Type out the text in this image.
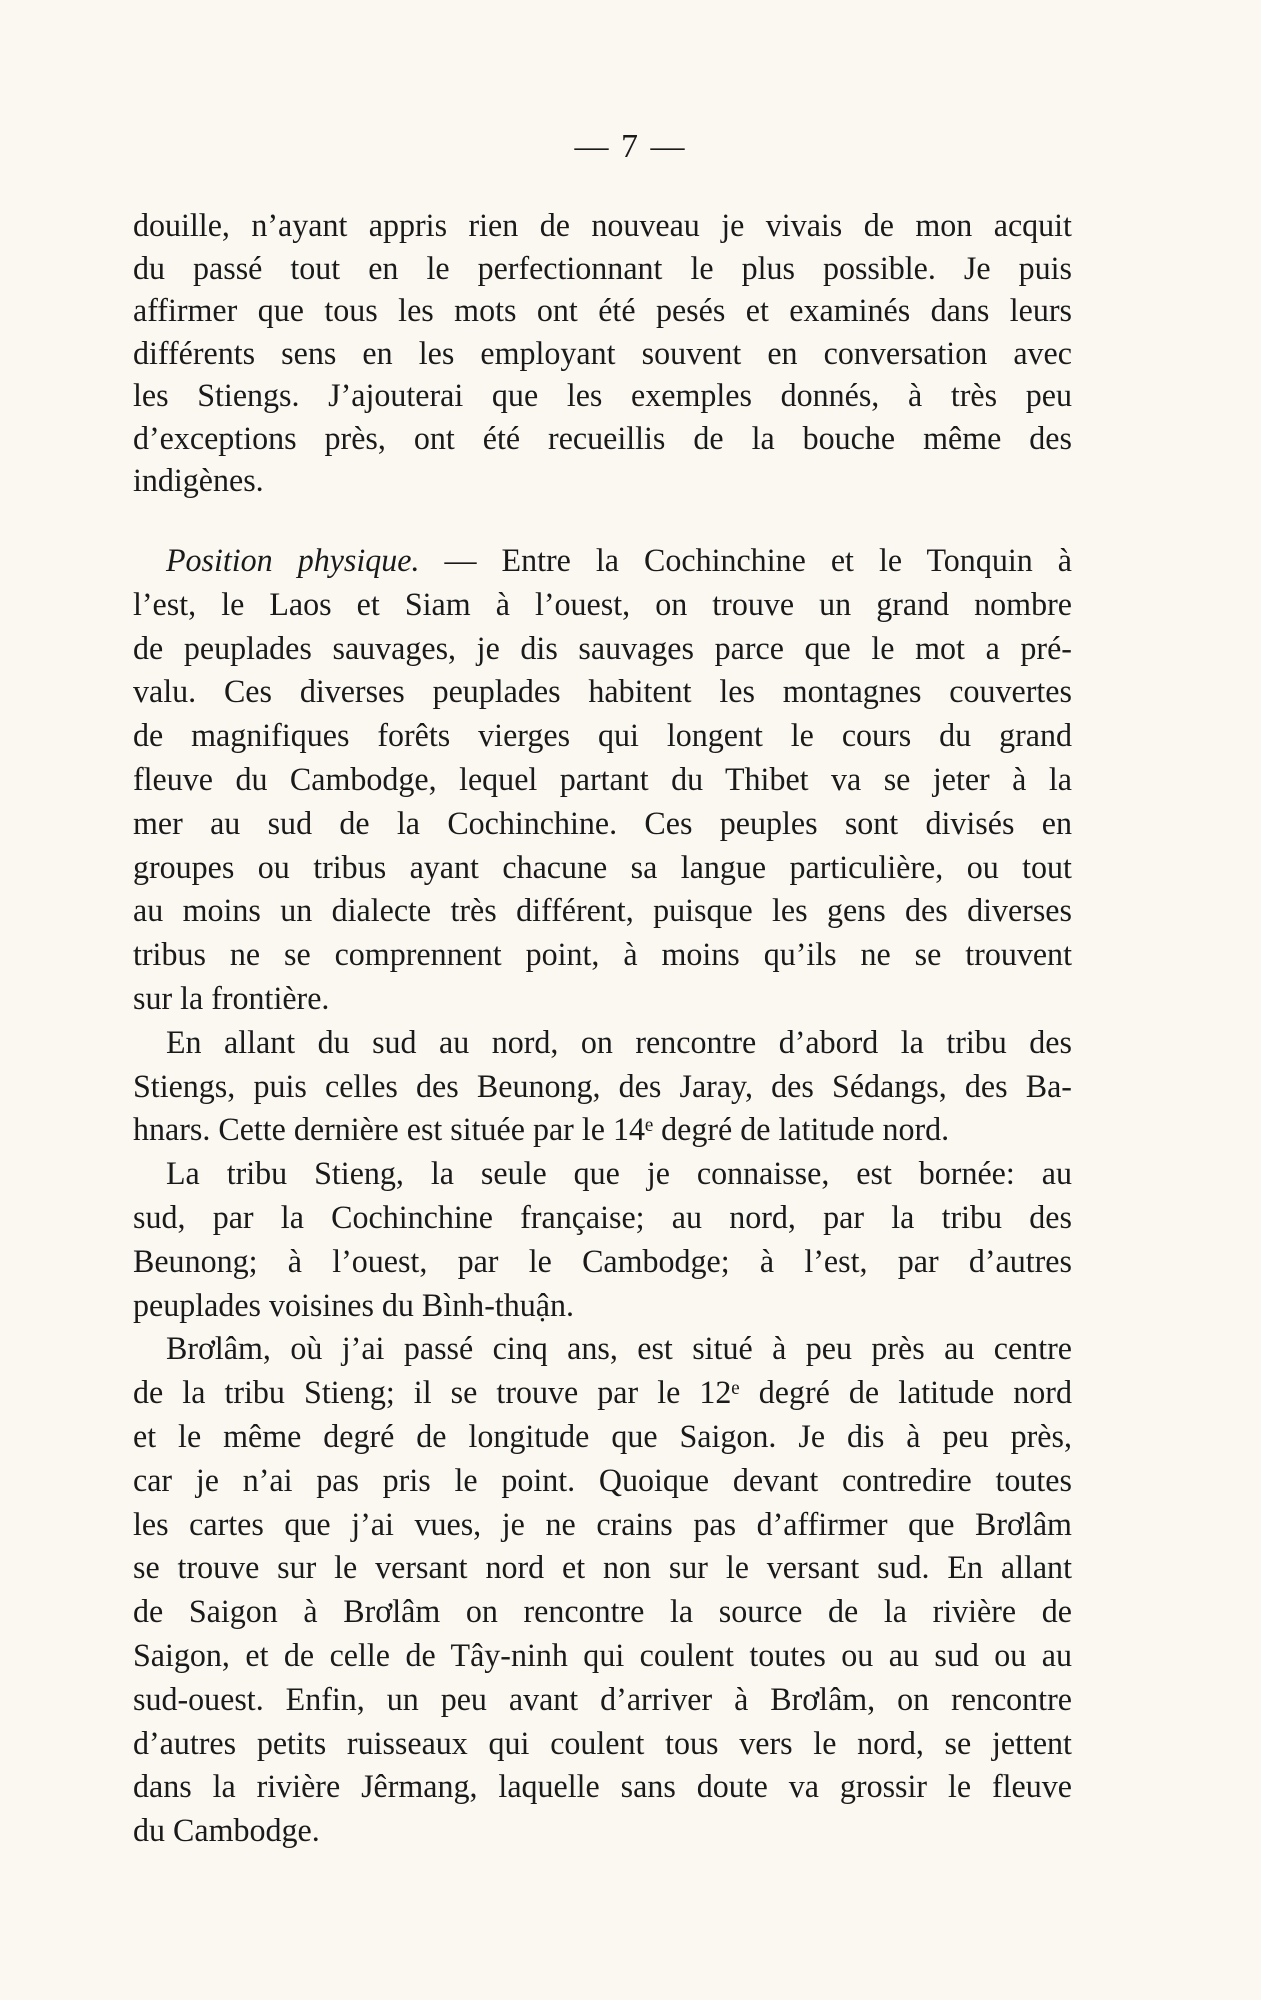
— 7 —
douille, n’ayant appris rien de nouveau je vivais de mon acquit
du passé tout en le perfectionnant le plus possible. Je puis
affirmer que tous les mots ont été pesés et examinés dans leurs
différents sens en les employant souvent en conversation avec
les Stiengs. J’ajouterai que les exemples donnés, à très peu
d’exceptions près, ont été recueillis de la bouche même des
indigènes.
Position physique. — Entre la Cochinchine et le Tonquin à
l’est, le Laos et Siam à l’ouest, on trouve un grand nombre
de peuplades sauvages, je dis sauvages parce que le mot a pré-
valu. Ces diverses peuplades habitent les montagnes couvertes
de magnifiques forêts vierges qui longent le cours du grand
fleuve du Cambodge, lequel partant du Thibet va se jeter à la
mer au sud de la Cochinchine. Ces peuples sont divisés en
groupes ou tribus ayant chacune sa langue particulière, ou tout
au moins un dialecte très différent, puisque les gens des diverses
tribus ne se comprennent point, à moins qu’ils ne se trouvent
sur la frontière.
En allant du sud au nord, on rencontre d’abord la tribu des
Stiengs, puis celles des Beunong, des Jaray, des Sédangs, des Ba-
hnars. Cette dernière est située par le 14ᵉ degré de latitude nord.
La tribu Stieng, la seule que je connaisse, est bornée: au
sud, par la Cochinchine française; au nord, par la tribu des
Beunong; à l’ouest, par le Cambodge; à l’est, par d’autres
peuplades voisines du Bình-thuận.
Brơlâm, où j’ai passé cinq ans, est situé à peu près au centre
de la tribu Stieng; il se trouve par le 12ᵉ degré de latitude nord
et le même degré de longitude que Saigon. Je dis à peu près,
car je n’ai pas pris le point. Quoique devant contredire toutes
les cartes que j’ai vues, je ne crains pas d’affirmer que Brơlâm
se trouve sur le versant nord et non sur le versant sud. En allant
de Saigon à Brơlâm on rencontre la source de la rivière de
Saigon, et de celle de Tây-ninh qui coulent toutes ou au sud ou au
sud-ouest. Enfin, un peu avant d’arriver à Brơlâm, on rencontre
d’autres petits ruisseaux qui coulent tous vers le nord, se jettent
dans la rivière Jêrmang, laquelle sans doute va grossir le fleuve
du Cambodge.
